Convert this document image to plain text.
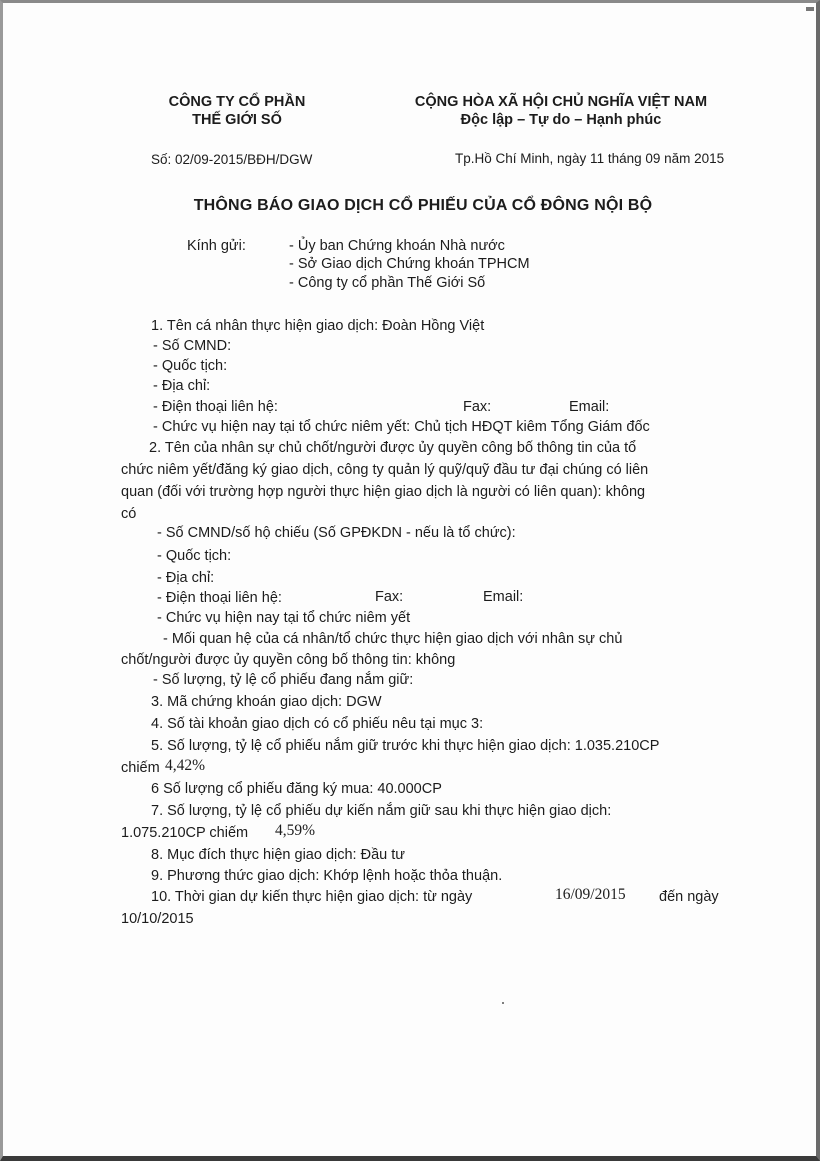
CÔNG TY CỔ PHẦN
THẾ GIỚI SỐ
CỘNG HÒA XÃ HỘI CHỦ NGHĨA VIỆT NAM
Độc lập – Tự do – Hạnh phúc
Số: 02/09-2015/BĐH/DGW	Tp.Hồ Chí Minh, ngày 11 tháng 09 năm 2015
THÔNG BÁO GIAO DỊCH CỔ PHIẾU CỦA CỔ ĐÔNG NỘI BỘ
Kính gửi:	- Ủy ban Chứng khoán Nhà nước
- Sở Giao dịch Chứng khoán TPHCM
- Công ty cổ phần Thế Giới Số
1. Tên cá nhân thực hiện giao dịch: Đoàn Hồng Việt
- Số CMND:
- Quốc tịch:
- Địa chỉ:
- Điện thoại liên hệ:	Fax:	Email:
- Chức vụ hiện nay tại tổ chức niêm yết: Chủ tịch HĐQT kiêm Tổng Giám đốc
2. Tên của nhân sự chủ chốt/người được ủy quyền công bố thông tin của tổ
chức niêm yết/đăng ký giao dịch, công ty quản lý quỹ/quỹ đầu tư đại chúng có liên
quan (đối với trường hợp người thực hiện giao dịch là người có liên quan): không
có
- Số CMND/số hộ chiếu (Số GPĐKDN - nếu là tổ chức):
- Quốc tịch:
- Địa chỉ:
- Điện thoại liên hệ:	Fax:	Email:
- Chức vụ hiện nay tại tổ chức niêm yết
- Mối quan hệ của cá nhân/tổ chức thực hiện giao dịch với nhân sự chủ
chốt/người được ủy quyền công bố thông tin: không
- Số lượng, tỷ lệ cổ phiếu đang nắm giữ:
3. Mã chứng khoán giao dịch: DGW
4. Số tài khoản giao dịch có cổ phiếu nêu tại mục 3:
5. Số lượng, tỷ lệ cổ phiếu nắm giữ trước khi thực hiện giao dịch: 1.035.210CP
chiếm 4,42%
6 Số lượng cổ phiếu đăng ký mua: 40.000CP
7. Số lượng, tỷ lệ cổ phiếu dự kiến nắm giữ sau khi thực hiện giao dịch:
1.075.210CP chiếm 4,59%
8. Mục đích thực hiện giao dịch: Đầu tư
9. Phương thức giao dịch: Khớp lệnh hoặc thỏa thuận.
10. Thời gian dự kiến thực hiện giao dịch: từ ngày	16/09/2015 đến ngày
10/10/2015
